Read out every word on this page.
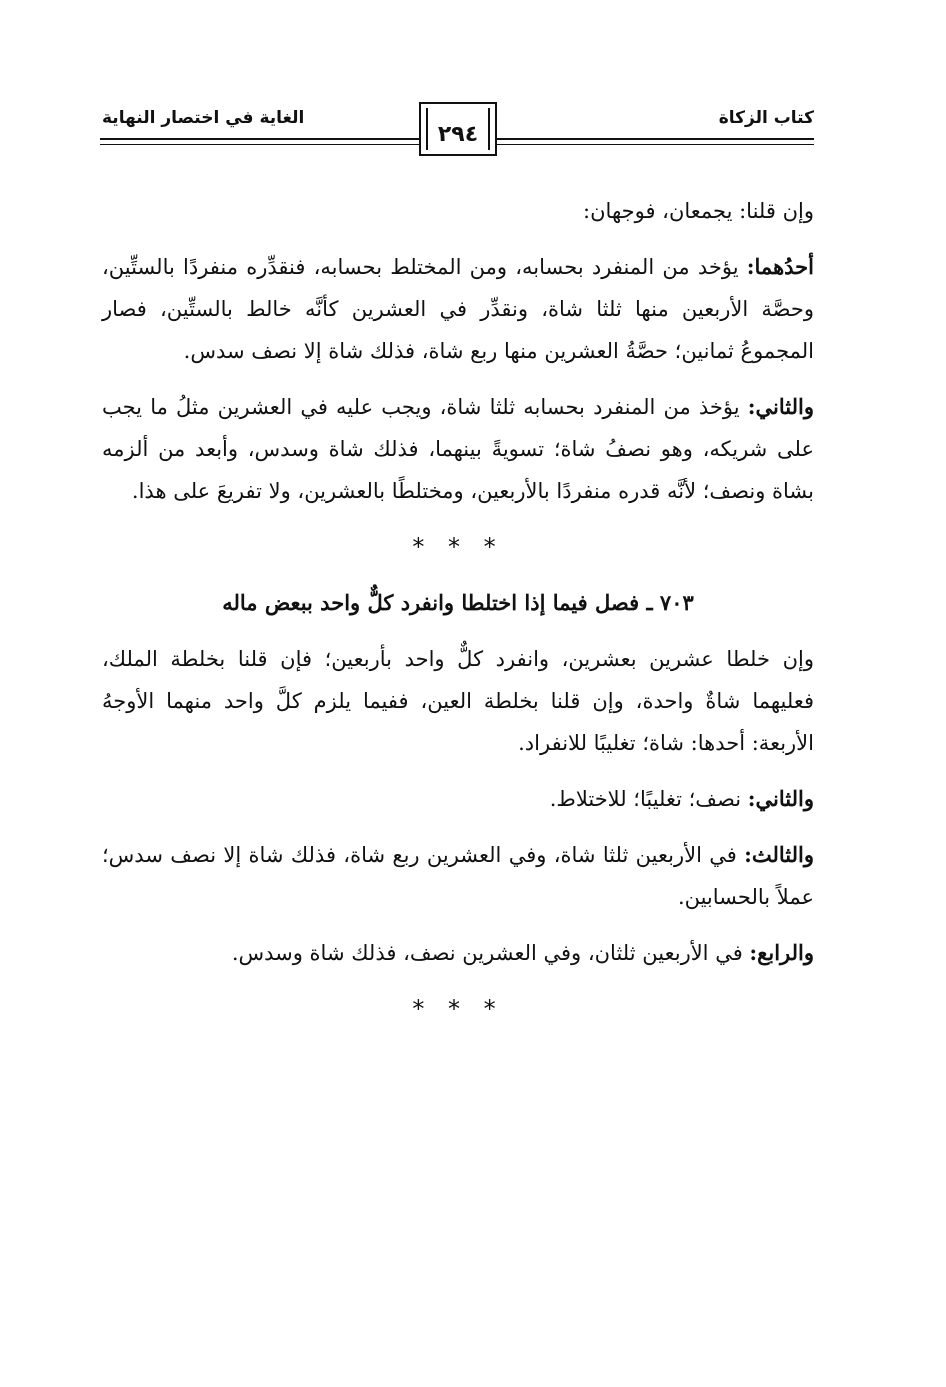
كتاب الزكاة
الغاية في اختصار النهاية
٢٩٤

وإن قلنا: يجمعان، فوجهان:

أحدُهما: يؤخد من المنفرد بحسابه، ومن المختلط بحسابه، فنقدِّره منفردًا بالستِّين، وحصَّة الأربعين منها ثلثا شاة، ونقدِّر في العشرين كأنَّه خالط بالستِّين، فصار المجموعُ ثمانين؛ حصَّةُ العشرين منها ربع شاة، فذلك شاة إلا نصف سدس.

والثاني: يؤخذ من المنفرد بحسابه ثلثا شاة، ويجب عليه في العشرين مثلُ ما يجب على شريكه، وهو نصفُ شاة؛ تسويةً بينهما، فذلك شاة وسدس، وأبعد من ألزمه بشاة ونصف؛ لأنَّه قدره منفردًا بالأربعين، ومختلطًا بالعشرين، ولا تفريعَ على هذا.

* * *
٧٠٣ ـ فصل فيما إذا اختلطا وانفرد كلٌّ واحد ببعض ماله

وإن خلطا عشرين بعشرين، وانفرد كلٌّ واحد بأربعين؛ فإن قلنا بخلطة الملك، فعليهما شاةٌ واحدة، وإن قلنا بخلطة العين، ففيما يلزم كلَّ واحد منهما الأوجهُ الأربعة: أحدها: شاة؛ تغليبًا للانفراد.

والثاني: نصف؛ تغليبًا؛ للاختلاط.

والثالث: في الأربعين ثلثا شاة، وفي العشرين ربع شاة، فذلك شاة إلا نصف سدس؛ عملاً بالحسابين.

والرابع: في الأربعين ثلثان، وفي العشرين نصف، فذلك شاة وسدس.

* * *
